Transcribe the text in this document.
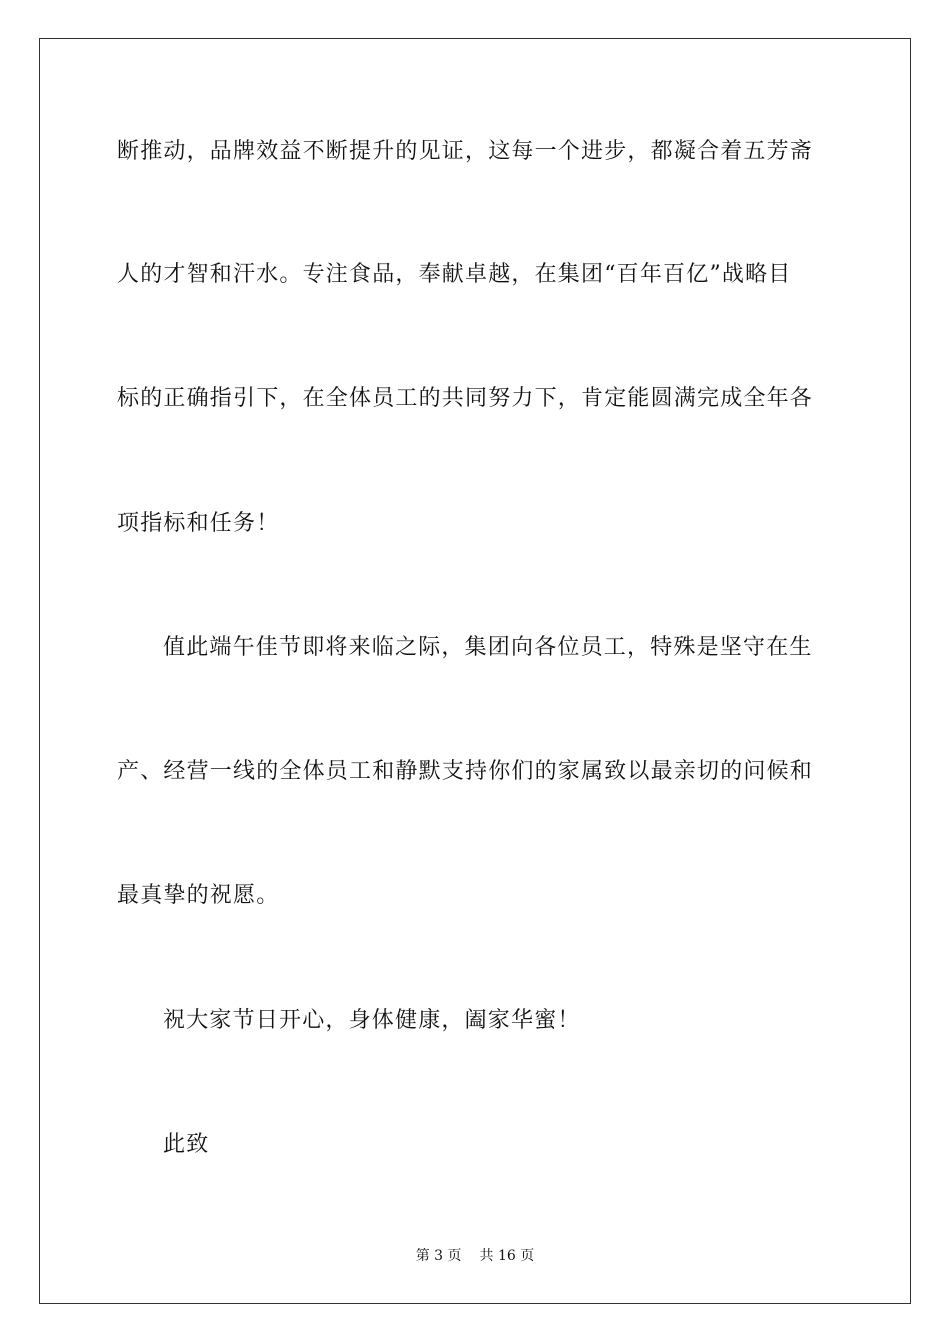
断推动，品牌效益不断提升的见证，这每一个进步，都凝合着五芳斋
人的才智和汗水。专注食品，奉献卓越，在集团“百年百亿”战略目
标的正确指引下，在全体员工的共同努力下，肯定能圆满完成全年各
项指标和任务！
值此端午佳节即将来临之际，集团向各位员工，特殊是坚守在生
产、经营一线的全体员工和静默支持你们的家属致以最亲切的问候和
最真挚的祝愿。
祝大家节日开心，身体健康，阖家华蜜！
此致
第 3 页 共 16 页
